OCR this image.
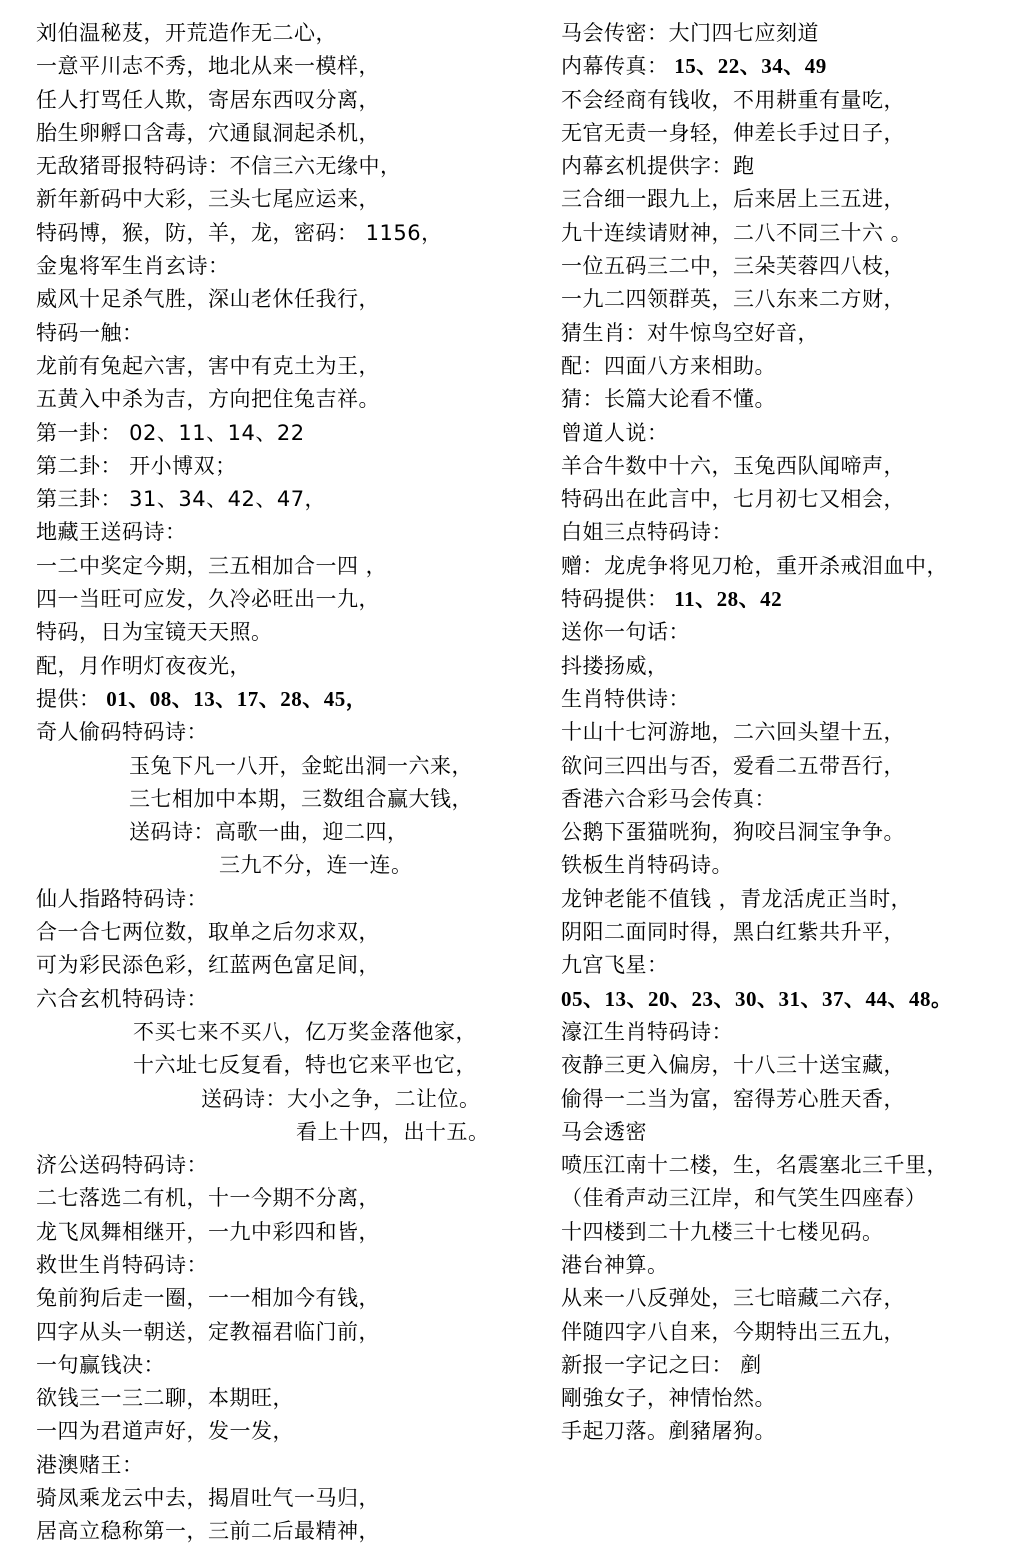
刘伯温秘芨，开荒造作无二心，
一意平川志不秀，地北从来一模样，
任人打骂任人欺，寄居东西叹分离，
胎生卵孵口含毒，穴通鼠洞起杀机，
无敌猪哥报特码诗：不信三六无缘中，
新年新码中大彩，三头七尾应运来，
特码博，猴，防，羊，龙，密码： 1156，
金鬼将军生肖玄诗：
威风十足杀气胜，深山老休任我行，
特码一触：
龙前有兔起六害，害中有克土为王，
五黄入中杀为吉，方向把住兔吉祥。
第一卦： 02、11、14、22
第二卦： 开小博双；
第三卦： 31、34、42、47，
地藏王送码诗：
一二中奖定今期，三五相加合一四 ，
四一当旺可应发，久冷必旺出一九，
特码，日为宝镜天天照。
配，月作明灯夜夜光，
提供： 01、08、13、17、28、45，
奇人偷码特码诗：
玉兔下凡一八开，金蛇出洞一六来，
三七相加中本期，三数组合赢大钱，
送码诗：高歌一曲，迎二四，
三九不分，连一连。
仙人指路特码诗：
合一合七两位数，取单之后勿求双，
可为彩民添色彩，红蓝两色富足间，
六合玄机特码诗：
不买七来不买八，亿万奖金落他家，
十六址七反复看，特也它来平也它，
送码诗：大小之争，二让位。
看上十四，出十五。
济公送码特码诗：
二七落选二有机，十一今期不分离，
龙飞凤舞相继开，一九中彩四和皆，
救世生肖特码诗：
兔前狗后走一圈，一一相加今有钱，
四字从头一朝送，定教福君临门前，
一句赢钱决：
欲钱三一三二聊，本期旺，
一四为君道声好，发一发，
港澳赌王：
骑凤乘龙云中去，揭眉吐气一马归，
居高立稳称第一，三前二后最精神，
马会传密：大门四七应刻道
内幕传真： 15、22、34、49
不会经商有钱收，不用耕重有量吃，
无官无责一身轻，伸差长手过日子，
内幕玄机提供字：跑
三合细一跟九上，后来居上三五进，
九十连续请财神，二八不同三十六 。
一位五码三二中，三朵芙蓉四八枝，
一九二四领群英，三八东来二方财，
猜生肖：对牛惊鸟空好音，
配：四面八方来相助。
猜：长篇大论看不懂。
曾道人说：
羊合牛数中十六，玉兔西队闻啼声，
特码出在此言中，七月初七又相会，
白姐三点特码诗：
赠：龙虎争将见刀枪，重开杀戒泪血中，
特码提供： 11、28、42
送你一句话：
抖搂扬威，
生肖特供诗：
十山十七河游地，二六回头望十五，
欲问三四出与否，爱看二五带吾行，
香港六合彩马会传真：
公鹅下蛋猫咣狗，狗咬吕洞宝争争。
铁板生肖特码诗。
龙钟老能不值钱 ，青龙活虎正当时，
阴阳二面同时得，黑白红紫共升平，
九宫飞星：
05、13、20、23、30、31、37、44、48。
濠江生肖特码诗：
夜静三更入偏房，十八三十送宝藏，
偷得一二当为富，窑得芳心胜天香，
马会透密
喷压江南十二楼，生，名震塞北三千里，
（佳肴声动三江岸，和气笑生四座春）
十四楼到二十九楼三十七楼见码。
港台神算。
从来一八反弹处，三七暗藏二六存，
伴随四字八自来，今期特出三五九，
新报一字记之曰： 剷
剛強女子，神情怡然。
手起刀落。剷豬屠狗。
